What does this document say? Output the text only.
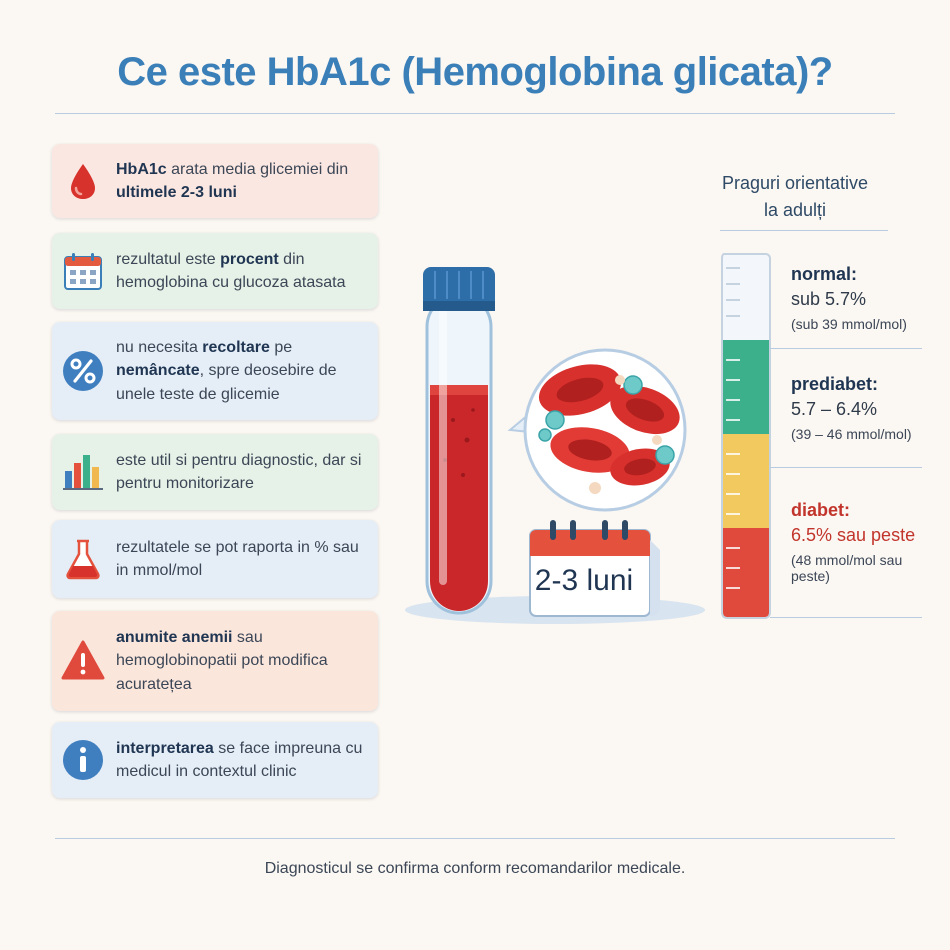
Ce este HbA1c (Hemoglobina glicata)?
HbA1c arata media glicemiei din ultimele 2-3 luni
rezultatul este procent din hemoglobina cu glucoza atasata
nu necesita recoltare pe nemâncate, spre deosebire de unele teste de glicemie
este util si pentru diagnostic, dar si pentru monitorizare
rezultatele se pot raporta in % sau in mmol/mol
anumite anemii sau hemoglobinopatii pot modifica acuratețea
interpretarea se face impreuna cu medicul in contextul clinic
2-3 luni
Praguri orientative
la adulți
normal:
sub 5.7%
(sub 39 mmol/mol)
prediabet:
5.7 – 6.4%
(39 – 46 mmol/mol)
diabet:
6.5% sau peste
(48 mmol/mol sau peste)
Diagnosticul se confirma conform recomandarilor medicale.
